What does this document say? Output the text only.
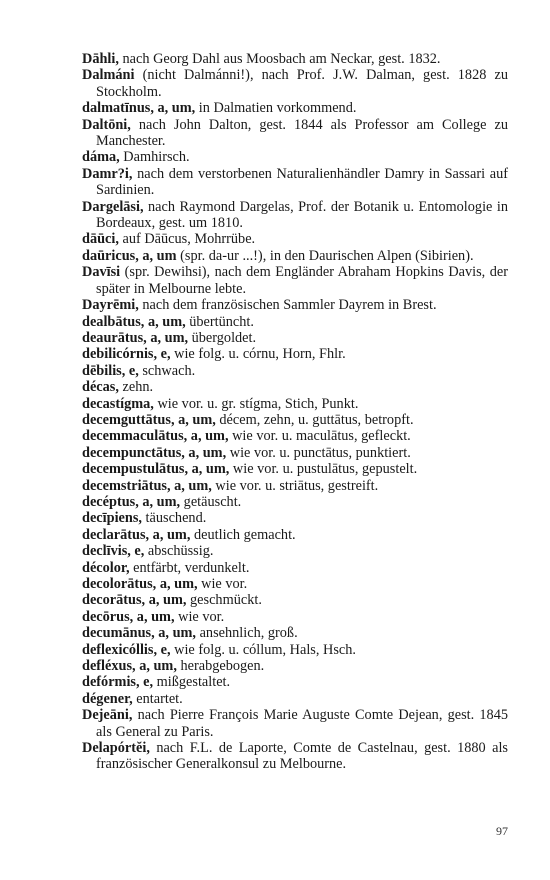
Dāhli, nach Georg Dahl aus Moosbach am Neckar, gest. 1832.

Dalmáni (nicht Dalmánni!), nach Prof. J.W. Dalman, gest. 1828 zu Stockholm.

dalmatīnus, a, um, in Dalmatien vorkommend.

Daltōni, nach John Dalton, gest. 1844 als Professor am College zu Manchester.

dáma, Damhirsch.

Damr?i, nach dem verstorbenen Naturalienhändler Damry in Sassari auf Sardinien.

Dargelāsi, nach Raymond Dargelas, Prof. der Botanik u. Entomologie in Bordeaux, gest. um 1810.

dāūci, auf Dāūcus, Mohrrübe.

daūricus, a, um (spr. da-ur ...!), in den Daurischen Alpen (Sibirien).

Davīsi (spr. Dewihsi), nach dem Engländer Abraham Hopkins Davis, der später in Melbourne lebte.

Dayrēmi, nach dem französischen Sammler Dayrem in Brest.

dealbātus, a, um, übertüncht.

deaurātus, a, um, übergoldet.

debilicórnis, e, wie folg. u. córnu, Horn, Fhlr.

dēbilis, e, schwach.

décas, zehn.

decastígma, wie vor. u. gr. stígma, Stich, Punkt.

decemguttātus, a, um, décem, zehn, u. guttātus, betropft.

decemmaculātus, a, um, wie vor. u. maculātus, gefleckt.

decempunctātus, a, um, wie vor. u. punctātus, punktiert.

decempustulātus, a, um, wie vor. u. pustulātus, gepustelt.

decemstriātus, a, um, wie vor. u. striātus, gestreift.

decéptus, a, um, getäuscht.

decīpiens, täuschend.

declarātus, a, um, deutlich gemacht.

declīvis, e, abschüssig.

décolor, entfärbt, verdunkelt.

decolorātus, a, um, wie vor.

decorātus, a, um, geschmückt.

decōrus, a, um, wie vor.

decumānus, a, um, ansehnlich, groß.

deflexicóllis, e, wie folg. u. cóllum, Hals, Hsch.

defléxus, a, um, herabgebogen.

defórmis, e, mißgestaltet.

dégener, entartet.

Dejeāni, nach Pierre François Marie Auguste Comte Dejean, gest. 1845 als General zu Paris.

Delapórtĕi, nach F.L. de Laporte, Comte de Castelnau, gest. 1880 als französischer Generalkonsul zu Melbourne.

97
